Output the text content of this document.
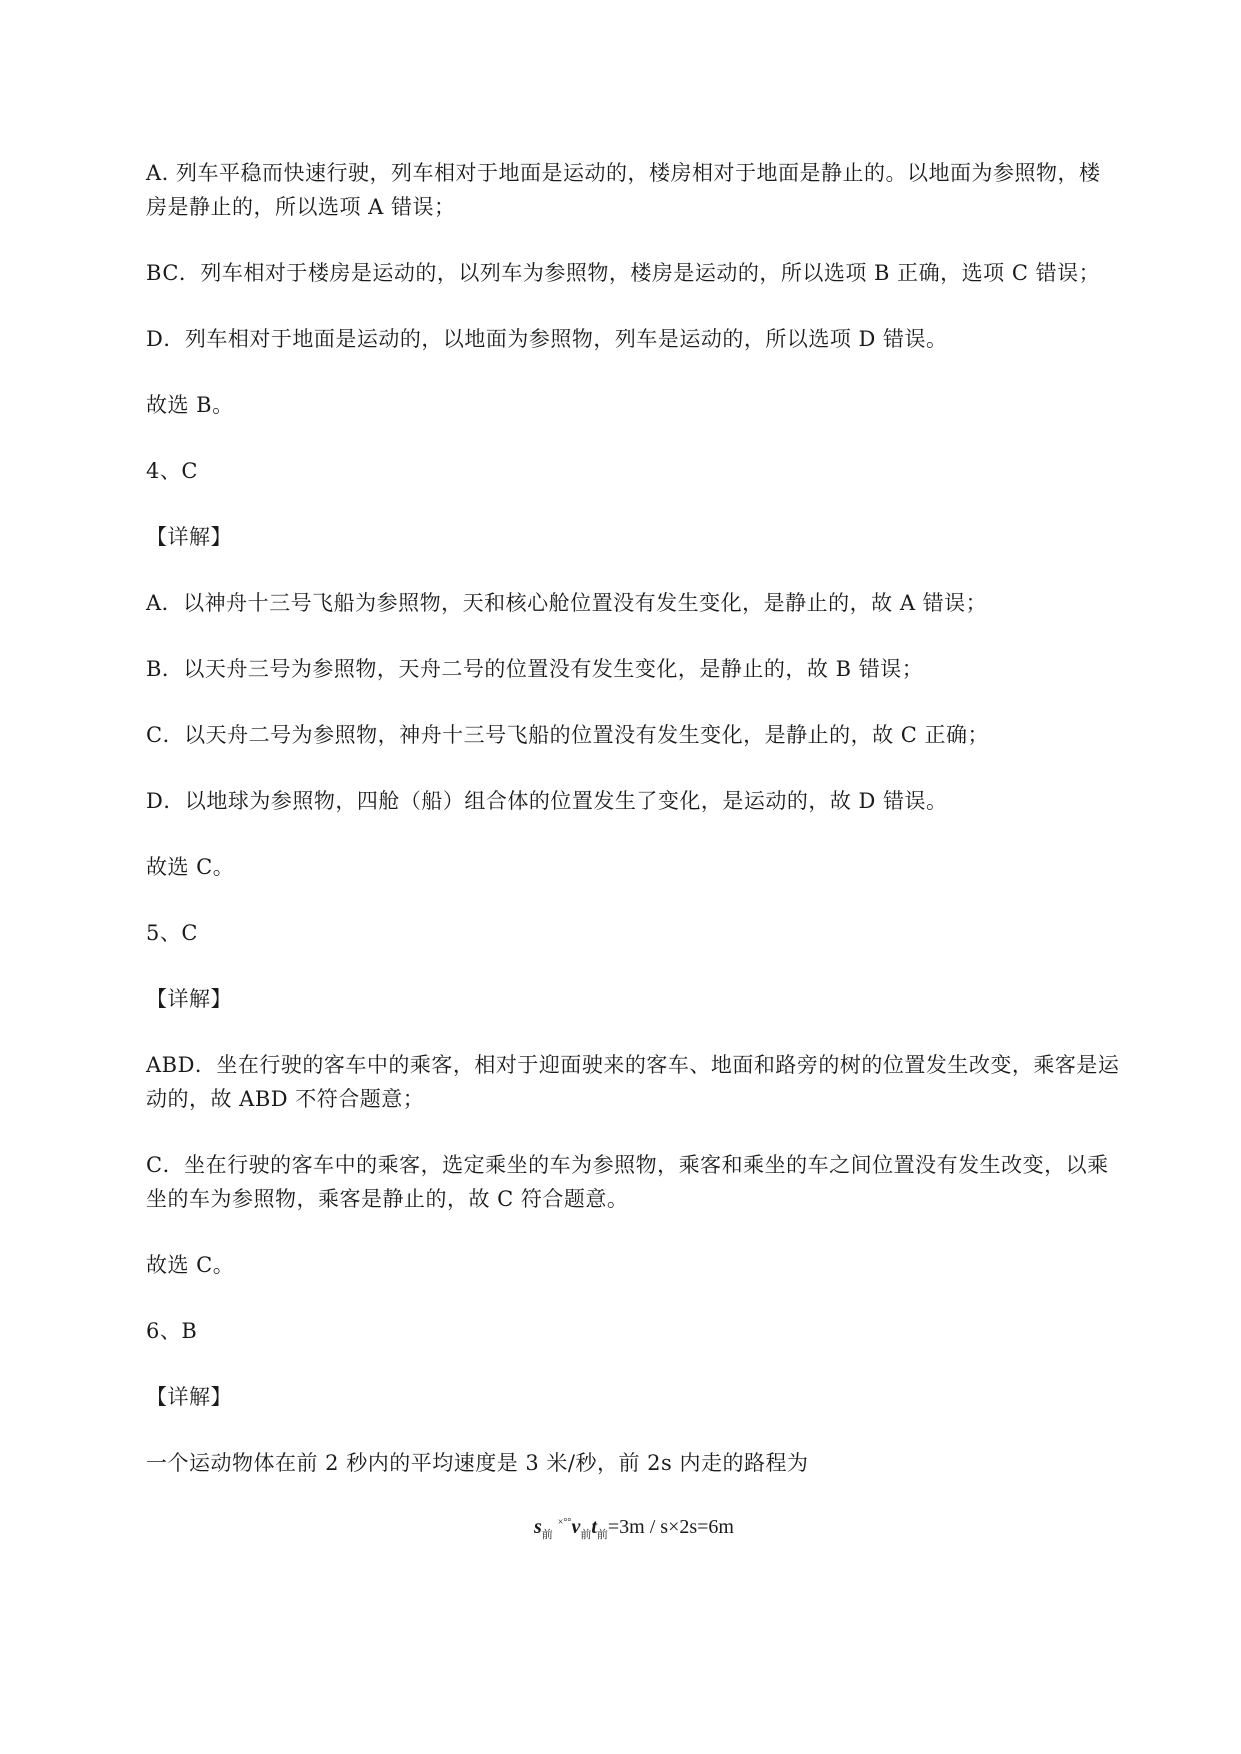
A. 列车平稳而快速行驶，列车相对于地面是运动的，楼房相对于地面是静止的。以地面为参照物，楼
房是静止的，所以选项 A 错误；
BC．列车相对于楼房是运动的，以列车为参照物，楼房是运动的，所以选项 B 正确，选项 C 错误；
D．列车相对于地面是运动的，以地面为参照物，列车是运动的，所以选项 D 错误。
故选 B。
4、C
【详解】
A．以神舟十三号飞船为参照物，天和核心舱位置没有发生变化，是静止的，故 A 错误；
B．以天舟三号为参照物，天舟二号的位置没有发生变化，是静止的，故 B 错误；
C．以天舟二号为参照物，神舟十三号飞船的位置没有发生变化，是静止的，故 C 正确；
D．以地球为参照物，四舱（船）组合体的位置发生了变化，是运动的，故 D 错误。
故选 C。
5、C
【详解】
ABD．坐在行驶的客车中的乘客，相对于迎面驶来的客车、地面和路旁的树的位置发生改变，乘客是运
动的，故 ABD 不符合题意；
C．坐在行驶的客车中的乘客，选定乘坐的车为参照物，乘客和乘坐的车之间位置没有发生改变，以乘
坐的车为参照物，乘客是静止的，故 C 符合题意。
故选 C。
6、B
【详解】
一个运动物体在前 2 秒内的平均速度是 3 米/秒，前 2s 内走的路程为
$s_前$ $^{\times^\circ^\circ}v_前t_前=3m / s\times 2s=6m$
